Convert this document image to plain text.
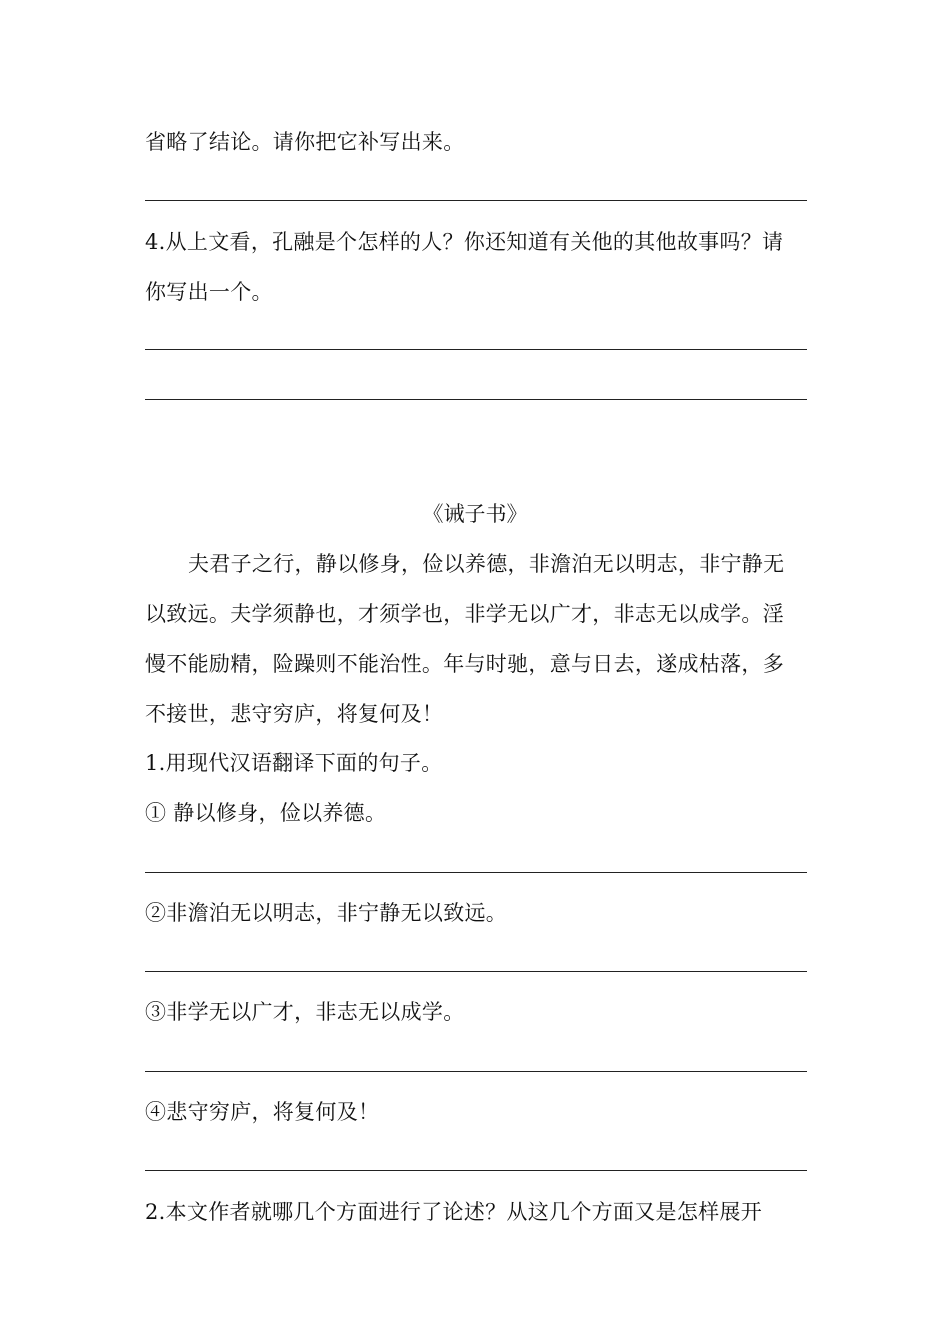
省略了结论。请你把它补写出来。
4.从上文看，孔融是个怎样的人？你还知道有关他的其他故事吗？请
你写出一个。
《诫子书》
夫君子之行，静以修身，俭以养德，非澹泊无以明志，非宁静无
以致远。夫学须静也，才须学也，非学无以广才，非志无以成学。淫
慢不能励精，险躁则不能治性。年与时驰，意与日去，遂成枯落，多
不接世，悲守穷庐，将复何及！
1.用现代汉语翻译下面的句子。
① 静以修身，俭以养德。
②非澹泊无以明志，非宁静无以致远。
③非学无以广才，非志无以成学。
④悲守穷庐，将复何及！
2.本文作者就哪几个方面进行了论述？从这几个方面又是怎样展开
